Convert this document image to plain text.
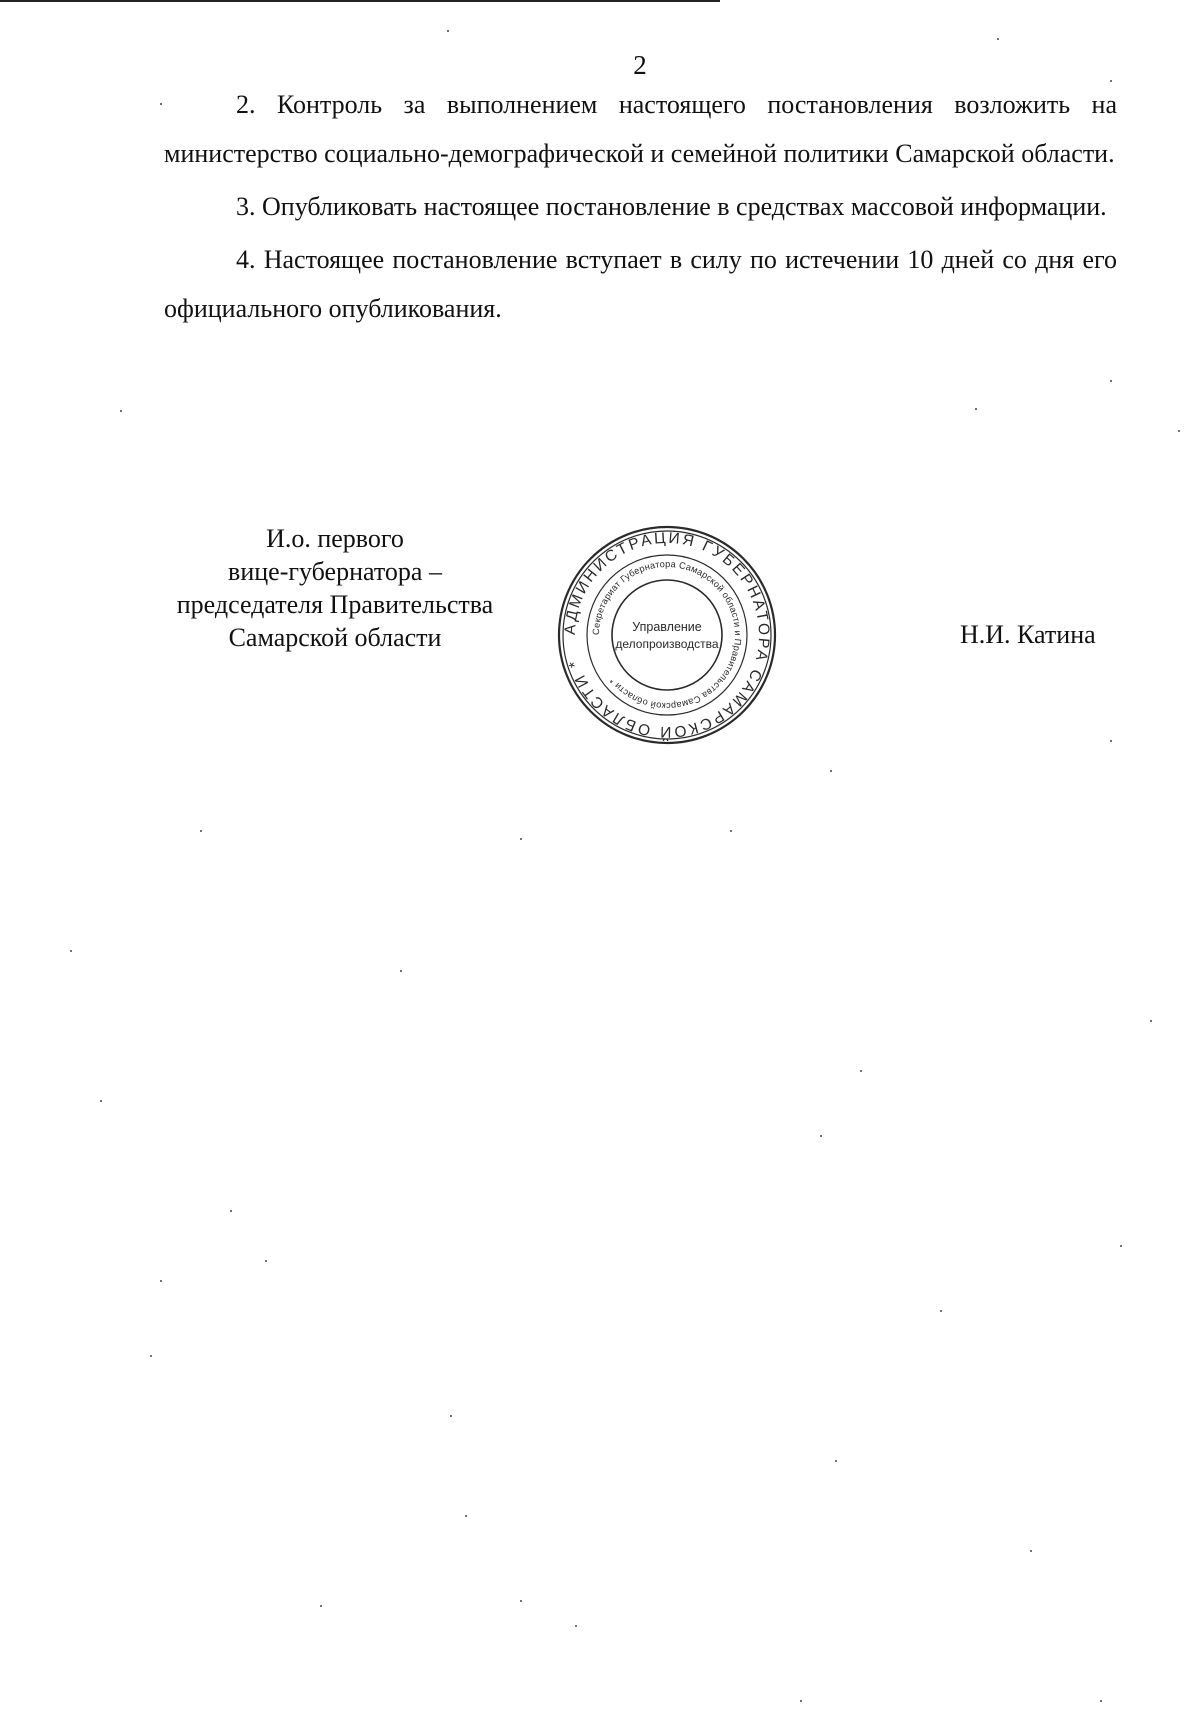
2

2. Контроль за выполнением настоящего постановления возложить на министерство социально-демографической и семейной политики Самарской области.

3. Опубликовать настоящее постановление в средствах массовой информации.

4. Настоящее постановление вступает в силу по истечении 10 дней со дня его официального опубликования.

И.о. первого
вице-губернатора –
председателя Правительства
Самарской области	АДМИНИСТРАЦИЯ ГУБЕРНАТОРА САМАРСКОЙ ОБЛАСТИ *
Секретариат Губернатора Самарской области и Правительства Самарской области *
Управление
делопроизводства	Н.И. Катина
